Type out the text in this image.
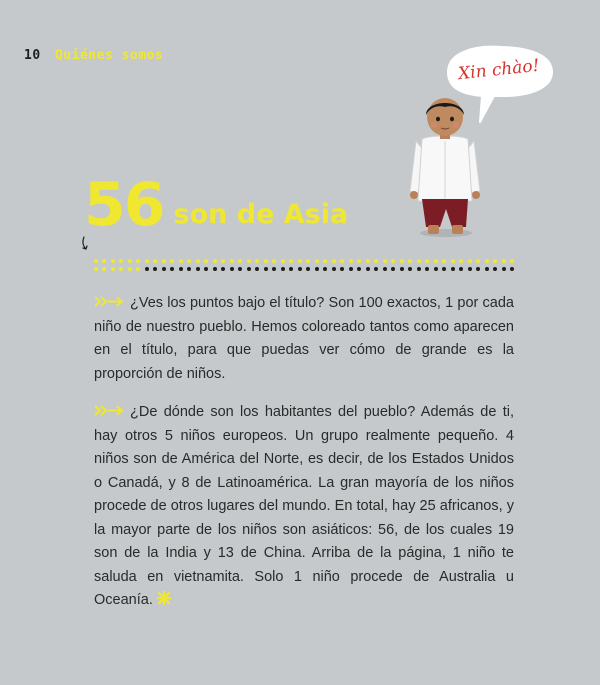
10 Quiénes somos
Xin chào!
56 son de Asia

¿Ves los puntos bajo el título? Son 100 exactos, 1 por cada niño de nuestro pueblo. Hemos coloreado tantos como aparecen en el título, para que puedas ver cómo de grande es la proporción de niños.

¿De dónde son los habitantes del pueblo? Además de ti, hay otros 5 niños europeos. Un grupo realmente pequeño. 4 niños son de América del Norte, es decir, de los Estados Unidos o Canadá, y 8 de Latinoamérica. La gran mayoría de los niños procede de otros lugares del mundo. En total, hay 25 africanos, y la mayor parte de los niños son asiáticos: 56, de los cuales 19 son de la India y 13 de China. Arriba de la página, 1 niño te saluda en vietnamita. Solo 1 niño procede de Australia u Oceanía.
